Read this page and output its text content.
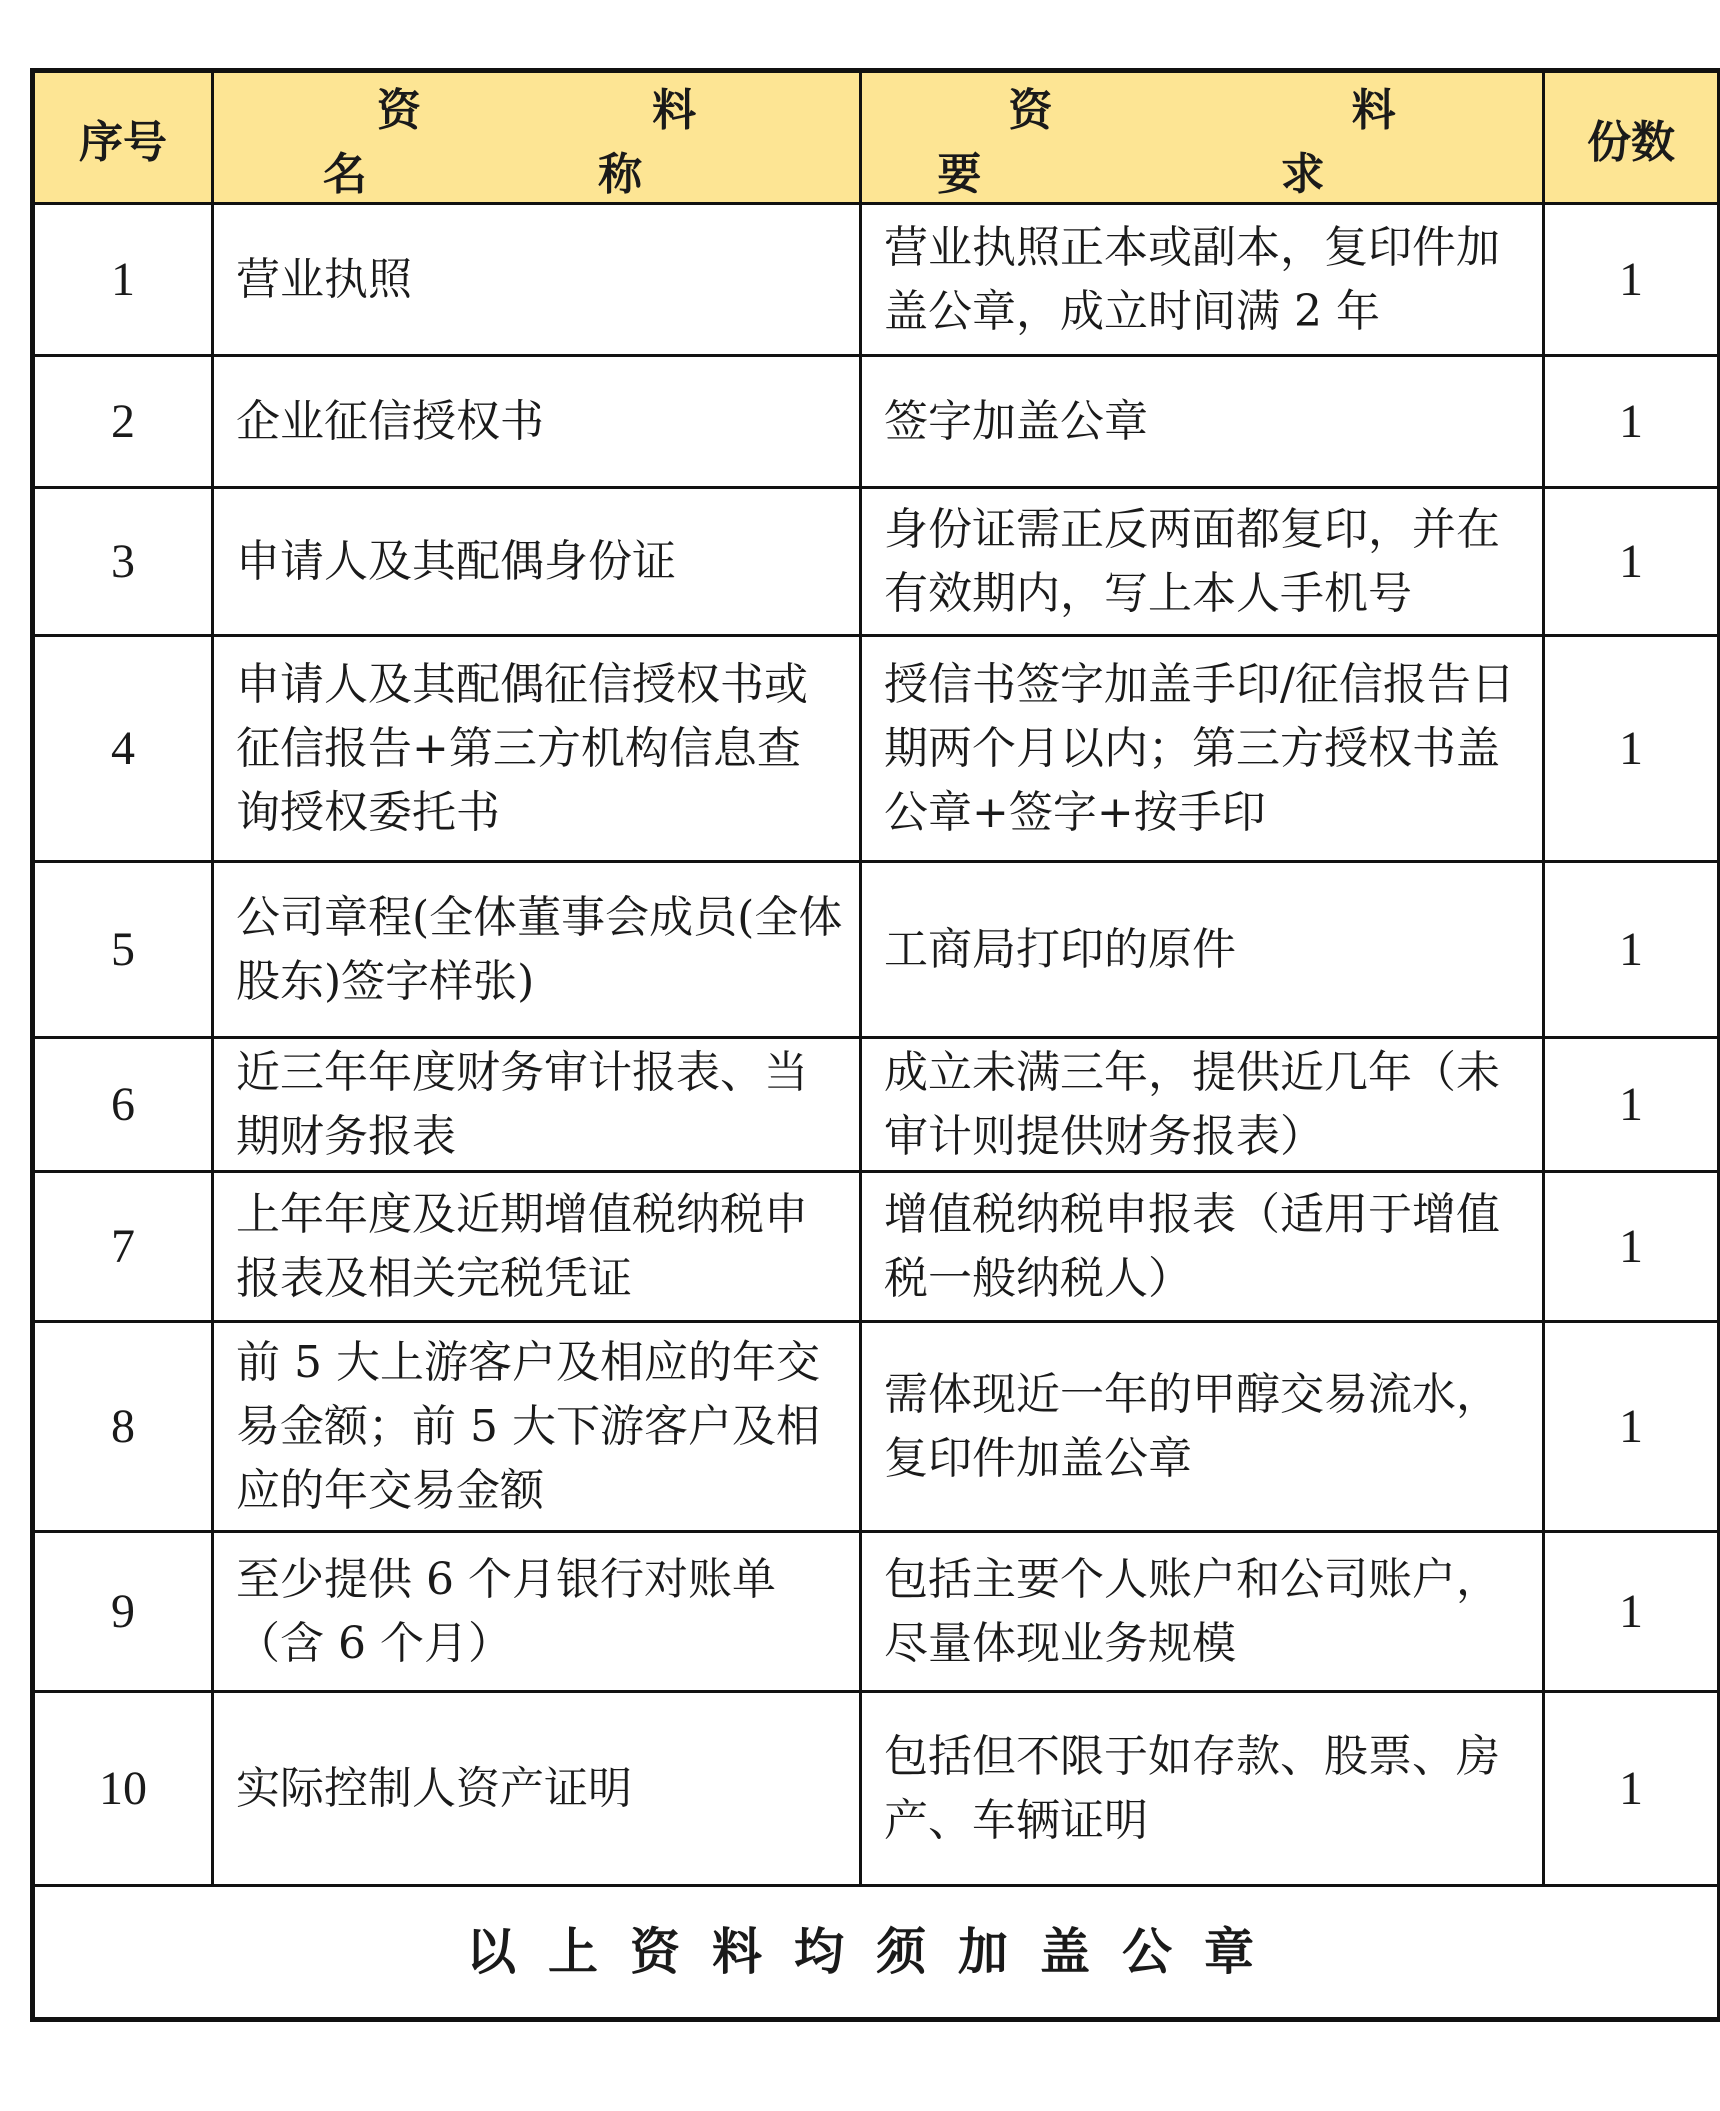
序号	资 料 名 称	资 料 要 求	份数
1	营业执照	营业执照正本或副本，复印件加盖公章，成立时间满 2 年	1
2	企业征信授权书	签字加盖公章	1
3	申请人及其配偶身份证	身份证需正反两面都复印，并在有效期内，写上本人手机号	1
4	申请人及其配偶征信授权书或征信报告+第三方机构信息查询授权委托书	授信书签字加盖手印/征信报告日期两个月以内；第三方授权书盖公章+签字+按手印	1
5	公司章程(全体董事会成员(全体股东)签字样张)	工商局打印的原件	1
6	近三年年度财务审计报表、当期财务报表	成立未满三年，提供近几年（未审计则提供财务报表）	1
7	上年年度及近期增值税纳税申报表及相关完税凭证	增值税纳税申报表（适用于增值税一般纳税人）	1
8	前 5 大上游客户及相应的年交易金额；前 5 大下游客户及相应的年交易金额	需体现近一年的甲醇交易流水，复印件加盖公章	1
9	至少提供 6 个月银行对账单（含 6 个月）	包括主要个人账户和公司账户，尽量体现业务规模	1
10	实际控制人资产证明	包括但不限于如存款、股票、房产、车辆证明	1
以上资料均须加盖公章			
